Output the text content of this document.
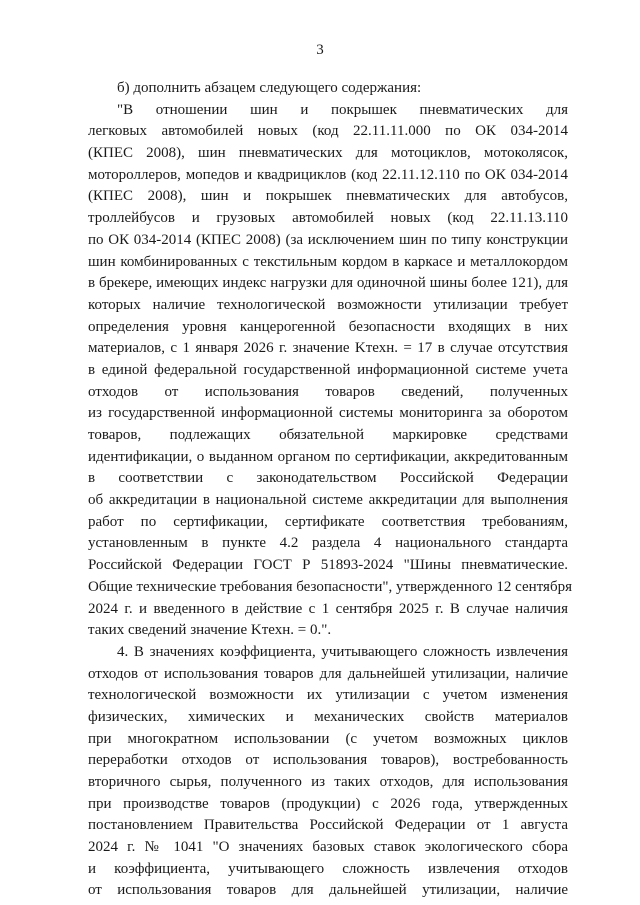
3
б) дополнить абзацем следующего содержания:
"В отношении шин и покрышек пневматических для
легковых автомобилей новых (код 22.11.11.000 по ОК 034-2014
(КПЕС 2008), шин пневматических для мотоциклов, мотоколясок,
мотороллеров, мопедов и квадрициклов (код 22.11.12.110 по ОК 034-2014
(КПЕС 2008), шин и покрышек пневматических для автобусов,
троллейбусов и грузовых автомобилей новых (код 22.11.13.110
по ОК 034-2014 (КПЕС 2008) (за исключением шин по типу конструкции
шин комбинированных с текстильным кордом в каркасе и металлокордом
в брекере, имеющих индекс нагрузки для одиночной шины более 121), для
которых наличие технологической возможности утилизации требует
определения уровня канцерогенной безопасности входящих в них
материалов, с 1 января 2026 г. значение Kтехн. = 17 в случае отсутствия
в единой федеральной государственной информационной системе учета
отходов от использования товаров сведений, полученных
из государственной информационной системы мониторинга за оборотом
товаров, подлежащих обязательной маркировке средствами
идентификации, о выданном органом по сертификации, аккредитованным
в соответствии с законодательством Российской Федерации
об аккредитации в национальной системе аккредитации для выполнения
работ по сертификации, сертификате соответствия требованиям,
установленным в пункте 4.2 раздела 4 национального стандарта
Российской Федерации ГОСТ Р 51893-2024 "Шины пневматические.
Общие технические требования безопасности", утвержденного 12 сентября
2024 г. и введенного в действие с 1 сентября 2025 г. В случае наличия
таких сведений значение Kтехн. = 0.".
4. В значениях коэффициента, учитывающего сложность извлечения
отходов от использования товаров для дальнейшей утилизации, наличие
технологической возможности их утилизации с учетом изменения
физических, химических и механических свойств материалов
при многократном использовании (с учетом возможных циклов
переработки отходов от использования товаров), востребованность
вторичного сырья, полученного из таких отходов, для использования
при производстве товаров (продукции) с 2026 года, утвержденных
постановлением Правительства Российской Федерации от 1 августа
2024 г. № 1041 "О значениях базовых ставок экологического сбора
и коэффициента, учитывающего сложность извлечения отходов
от использования товаров для дальнейшей утилизации, наличие
